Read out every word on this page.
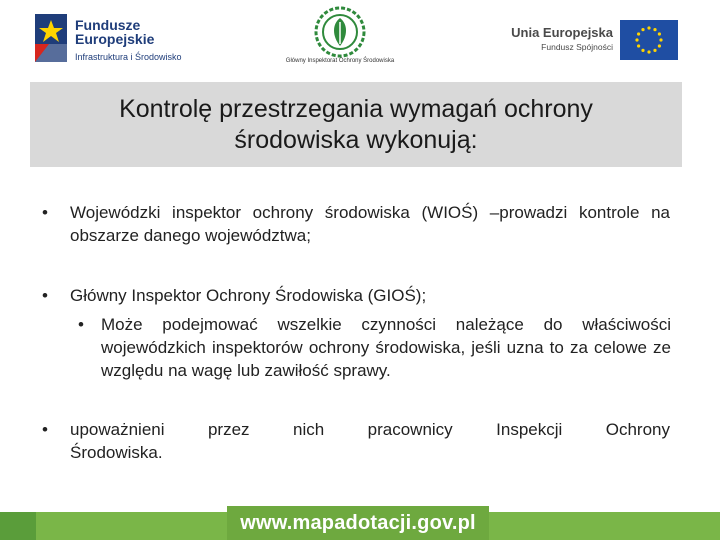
Fundusze
Europejskie
Infrastruktura i Środowisko	Główny Inspektorat Ochrony Środowiska
Unia Europejska
Fundusz Spójności
Kontrolę przestrzegania wymagań ochrony
środowiska wykonują:
• Wojewódzki inspektor ochrony środowiska (WIOŚ) –prowadzi kontrole na obszarze danego województwa;
• Główny Inspektor Ochrony Środowiska (GIOŚ);
• Może podejmować wszelkie czynności należące do właściwości wojewódzkich inspektorów ochrony środowiska, jeśli uzna to za celowe ze względu na wagę lub zawiłość sprawy.
• upoważnieni	przez	nich	pracownicy	Inspekcji	Ochrony
Środowiska.
www.mapadotacji.gov.pl
